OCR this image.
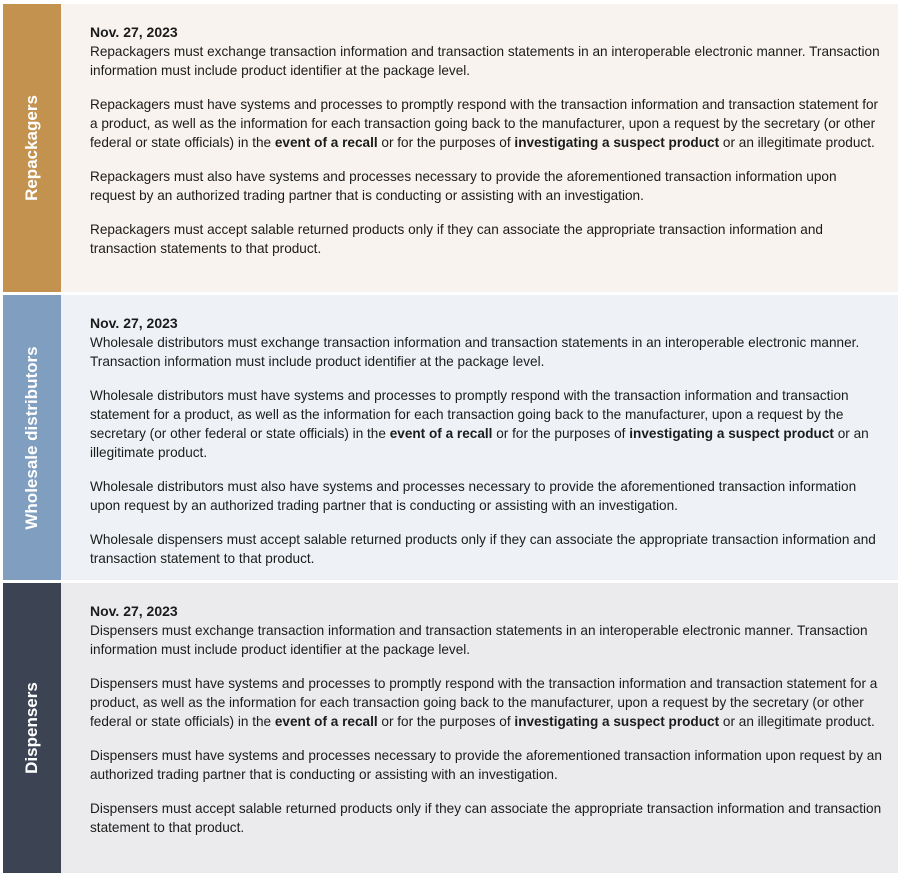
Repackagers
Nov. 27, 2023

Repackagers must exchange transaction information and transaction statements in an interoperable electronic manner. Transaction information must include product identifier at the package level.

Repackagers must have systems and processes to promptly respond with the transaction information and transaction statement for a product, as well as the information for each transaction going back to the manufacturer, upon a request by the secretary (or other federal or state officials) in the event of a recall or for the purposes of investigating a suspect product or an illegitimate product.

Repackagers must also have systems and processes necessary to provide the aforementioned transaction information upon request by an authorized trading partner that is conducting or assisting with an investigation.

Repackagers must accept salable returned products only if they can associate the appropriate transaction information and transaction statements to that product.

Wholesale distributors
Nov. 27, 2023

Wholesale distributors must exchange transaction information and transaction statements in an interoperable electronic manner. Transaction information must include product identifier at the package level.

Wholesale distributors must have systems and processes to promptly respond with the transaction information and transaction statement for a product, as well as the information for each transaction going back to the manufacturer, upon a request by the secretary (or other federal or state officials) in the event of a recall or for the purposes of investigating a suspect product or an illegitimate product.

Wholesale distributors must also have systems and processes necessary to provide the aforementioned transaction information upon request by an authorized trading partner that is conducting or assisting with an investigation.

Wholesale dispensers must accept salable returned products only if they can associate the appropriate transaction information and transaction statement to that product.

Dispensers
Nov. 27, 2023

Dispensers must exchange transaction information and transaction statements in an interoperable electronic manner. Transaction information must include product identifier at the package level.

Dispensers must have systems and processes to promptly respond with the transaction information and transaction statement for a product, as well as the information for each transaction going back to the manufacturer, upon a request by the secretary (or other federal or state officials) in the event of a recall or for the purposes of investigating a suspect product or an illegitimate product.

Dispensers must have systems and processes necessary to provide the aforementioned transaction information upon request by an authorized trading partner that is conducting or assisting with an investigation.

Dispensers must accept salable returned products only if they can associate the appropriate transaction information and transaction statement to that product.
